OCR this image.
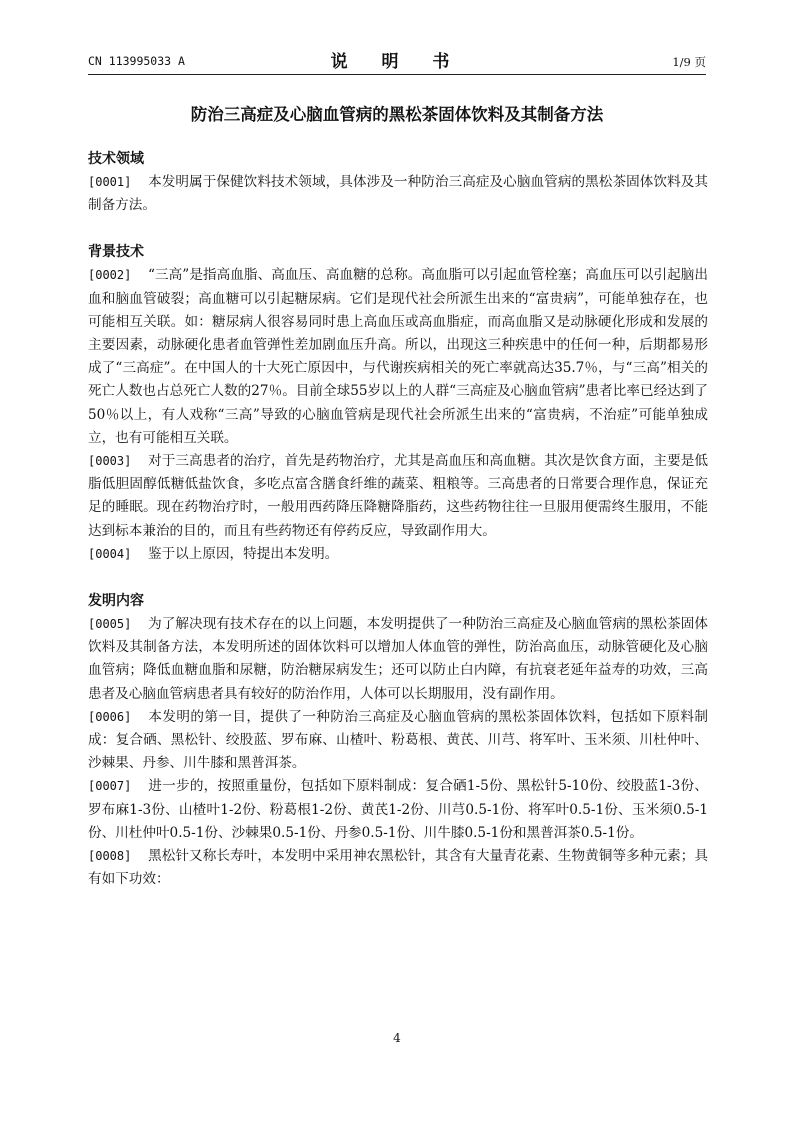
CN 113995033 A	说 明 书	1/9 页
防治三高症及心脑血管病的黑松茶固体饮料及其制备方法
技术领域

[0001] 本发明属于保健饮料技术领域，具体涉及一种防治三高症及心脑血管病的黑松茶固体饮料及其制备方法。

背景技术

[0002] “三高”是指高血脂、高血压、高血糖的总称。高血脂可以引起血管栓塞；高血压可以引起脑出血和脑血管破裂；高血糖可以引起糖尿病。它们是现代社会所派生出来的“富贵病”，可能单独存在，也可能相互关联。如：糖尿病人很容易同时患上高血压或高血脂症，而高血脂又是动脉硬化形成和发展的主要因素，动脉硬化患者血管弹性差加剧血压升高。所以，出现这三种疾患中的任何一种，后期都易形成了“三高症”。在中国人的十大死亡原因中，与代谢疾病相关的死亡率就高达35.7％，与“三高”相关的死亡人数也占总死亡人数的27％。目前全球55岁以上的人群“三高症及心脑血管病”患者比率已经达到了50％以上，有人戏称“三高”导致的心脑血管病是现代社会所派生出来的“富贵病，不治症”可能单独成立，也有可能相互关联。

[0003] 对于三高患者的治疗，首先是药物治疗，尤其是高血压和高血糖。其次是饮食方面，主要是低脂低胆固醇低糖低盐饮食，多吃点富含膳食纤维的蔬菜、粗粮等。三高患者的日常要合理作息，保证充足的睡眠。现在药物治疗时，一般用西药降压降糖降脂药，这些药物往往一旦服用便需终生服用，不能达到标本兼治的目的，而且有些药物还有停药反应，导致副作用大。

[0004] 鉴于以上原因，特提出本发明。

发明内容

[0005] 为了解决现有技术存在的以上问题，本发明提供了一种防治三高症及心脑血管病的黑松茶固体饮料及其制备方法，本发明所述的固体饮料可以增加人体血管的弹性，防治高血压，动脉管硬化及心脑血管病；降低血糖血脂和尿糖，防治糖尿病发生；还可以防止白内障，有抗衰老延年益寿的功效，三高患者及心脑血管病患者具有较好的防治作用，人体可以长期服用，没有副作用。

[0006] 本发明的第一目，提供了一种防治三高症及心脑血管病的黑松茶固体饮料，包括如下原料制成：复合硒、黑松针、绞股蓝、罗布麻、山楂叶、粉葛根、黄芪、川芎、将军叶、玉米须、川杜仲叶、沙棘果、丹参、川牛膝和黑普洱茶。

[0007] 进一步的，按照重量份，包括如下原料制成：复合硒1-5份、黑松针5-10份、绞股蓝1-3份、罗布麻1-3份、山楂叶1-2份、粉葛根1-2份、黄芪1-2份、川芎0.5-1份、将军叶0.5-1份、玉米须0.5-1份、川杜仲叶0.5-1份、沙棘果0.5-1份、丹参0.5-1份、川牛膝0.5-1份和黑普洱茶0.5-1份。

[0008] 黑松针又称长寿叶，本发明中采用神农黑松针，其含有大量青花素、生物黄铜等多种元素；具有如下功效：

4
